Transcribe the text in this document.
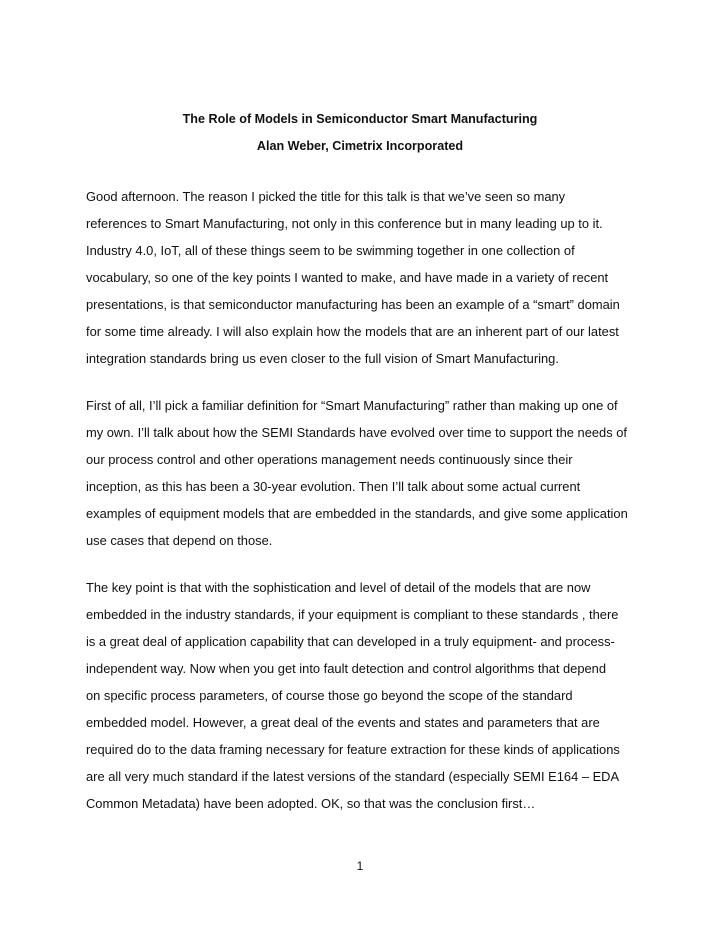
The Role of Models in Semiconductor Smart Manufacturing
Alan Weber, Cimetrix Incorporated
Good afternoon. The reason I picked the title for this talk is that we’ve seen so many
references to Smart Manufacturing, not only in this conference but in many leading up to it.
Industry 4.0, IoT, all of these things seem to be swimming together in one collection of
vocabulary, so one of the key points I wanted to make, and have made in a variety of recent
presentations, is that semiconductor manufacturing has been an example of a “smart” domain
for some time already. I will also explain how the models that are an inherent part of our latest
integration standards bring us even closer to the full vision of Smart Manufacturing.
First of all, I’ll pick a familiar definition for “Smart Manufacturing” rather than making up one of
my own. I’ll talk about how the SEMI Standards have evolved over time to support the needs of
our process control and other operations management needs continuously since their
inception, as this has been a 30-year evolution. Then I’ll talk about some actual current
examples of equipment models that are embedded in the standards, and give some application
use cases that depend on those.
The key point is that with the sophistication and level of detail of the models that are now
embedded in the industry standards, if your equipment is compliant to these standards , there
is a great deal of application capability that can developed in a truly equipment- and process-
independent way. Now when you get into fault detection and control algorithms that depend
on specific process parameters, of course those go beyond the scope of the standard
embedded model. However, a great deal of the events and states and parameters that are
required do to the data framing necessary for feature extraction for these kinds of applications
are all very much standard if the latest versions of the standard (especially SEMI E164 – EDA
Common Metadata) have been adopted. OK, so that was the conclusion first…
1
